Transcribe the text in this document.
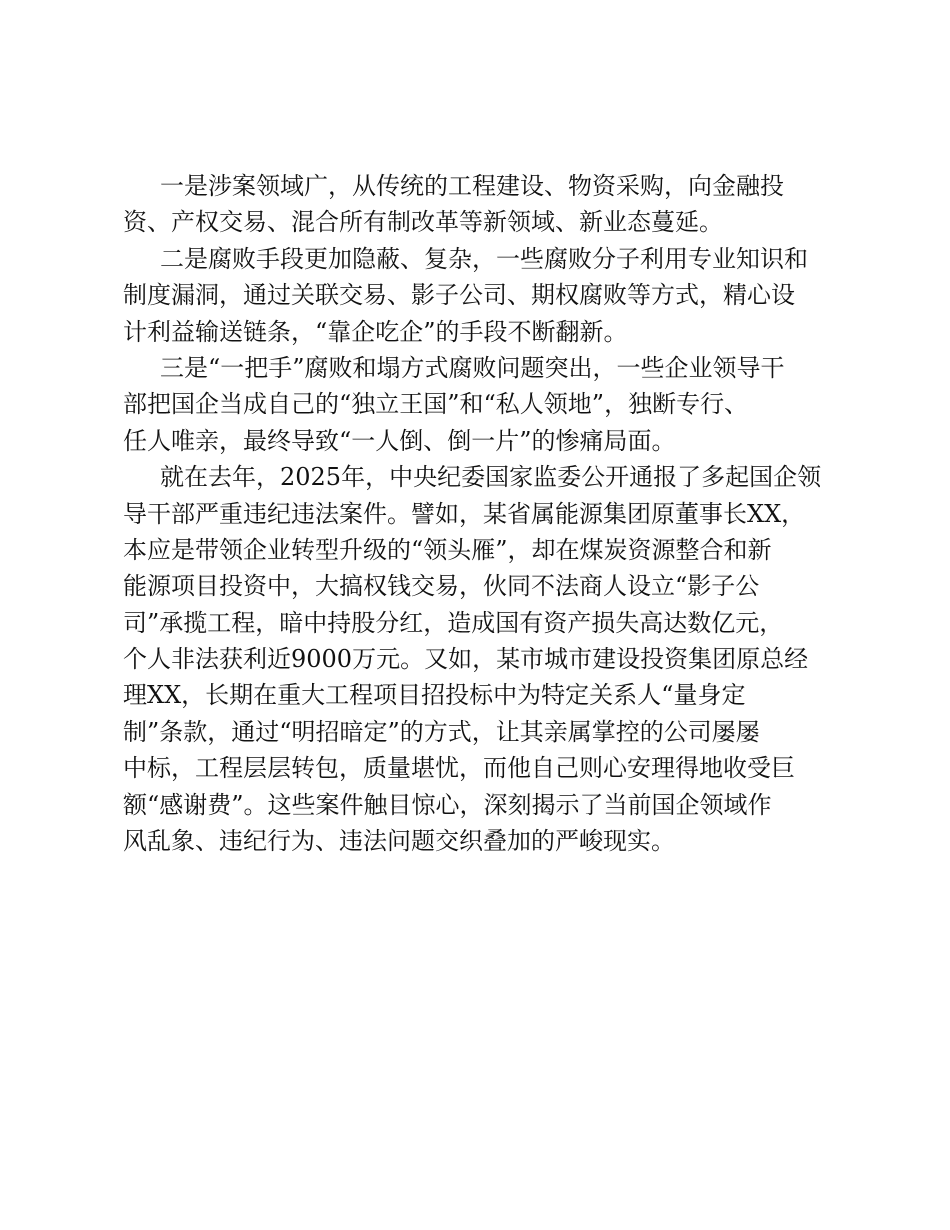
一是涉案领域广，从传统的工程建设、物资采购，向金融投
资、产权交易、混合所有制改革等新领域、新业态蔓延。
二是腐败手段更加隐蔽、复杂，一些腐败分子利用专业知识和
制度漏洞，通过关联交易、影子公司、期权腐败等方式，精心设
计利益输送链条，“靠企吃企”的手段不断翻新。
三是“一把手”腐败和塌方式腐败问题突出，一些企业领导干
部把国企当成自己的“独立王国”和“私人领地”，独断专行、
任人唯亲，最终导致“一人倒、倒一片”的惨痛局面。
就在去年，2025年，中央纪委国家监委公开通报了多起国企领
导干部严重违纪违法案件。譬如，某省属能源集团原董事长XX，
本应是带领企业转型升级的“领头雁”，却在煤炭资源整合和新
能源项目投资中，大搞权钱交易，伙同不法商人设立“影子公
司”承揽工程，暗中持股分红，造成国有资产损失高达数亿元，
个人非法获利近9000万元。又如，某市城市建设投资集团原总经
理XX，长期在重大工程项目招投标中为特定关系人“量身定
制”条款，通过“明招暗定”的方式，让其亲属掌控的公司屡屡
中标，工程层层转包，质量堪忧，而他自己则心安理得地收受巨
额“感谢费”。这些案件触目惊心，深刻揭示了当前国企领域作
风乱象、违纪行为、违法问题交织叠加的严峻现实。
